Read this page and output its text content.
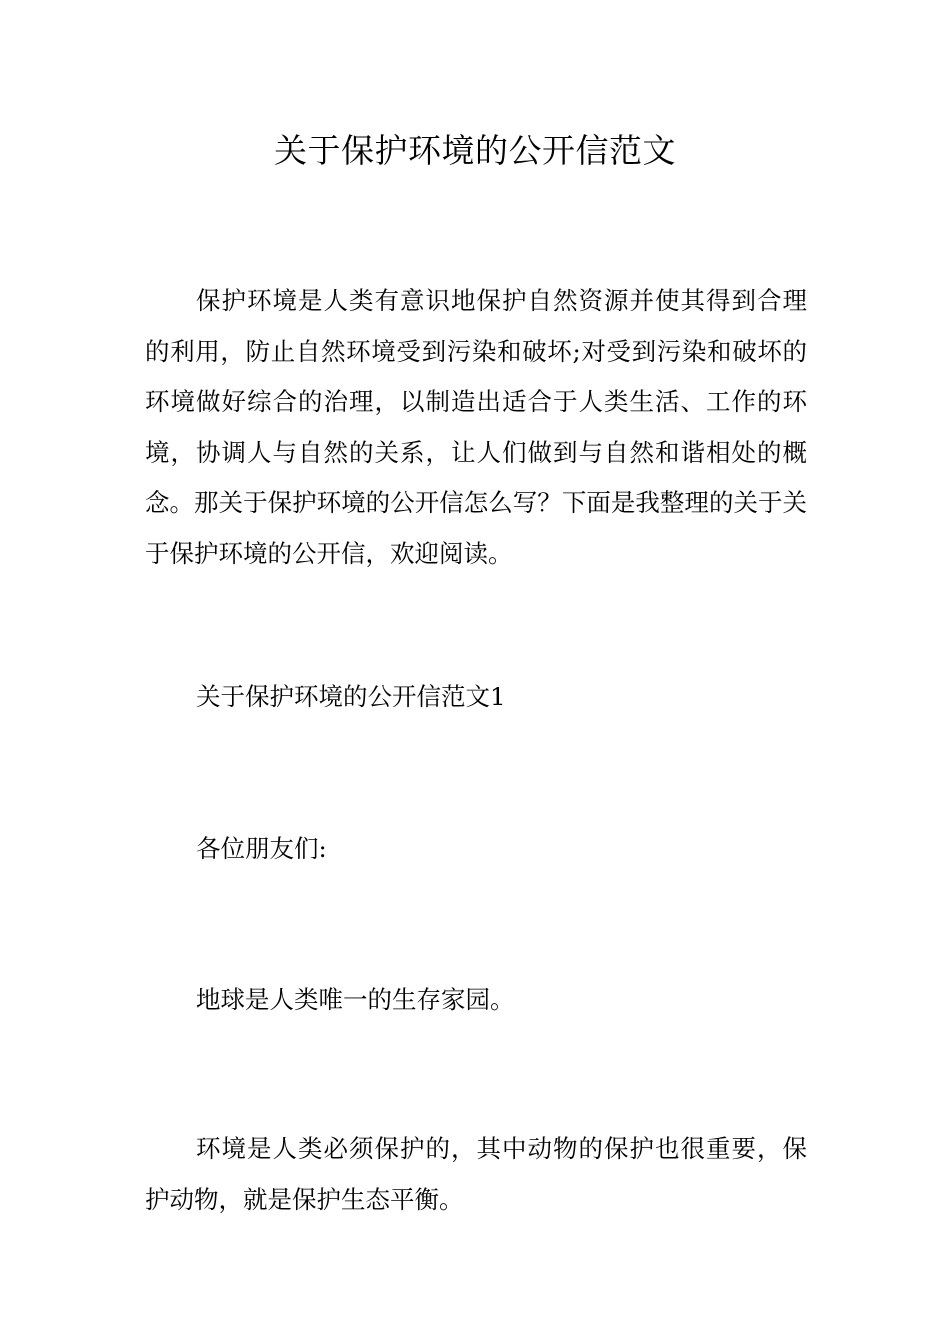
关于保护环境的公开信范文

保护环境是人类有意识地保护自然资源并使其得到合理的利用，防止自然环境受到污染和破坏;对受到污染和破坏的环境做好综合的治理，以制造出适合于人类生活、工作的环境，协调人与自然的关系，让人们做到与自然和谐相处的概念。那关于保护环境的公开信怎么写？下面是我整理的关于关于保护环境的公开信，欢迎阅读。

关于保护环境的公开信范文1

各位朋友们:

地球是人类唯一的生存家园。

环境是人类必须保护的，其中动物的保护也很重要，保护动物，就是保护生态平衡。
